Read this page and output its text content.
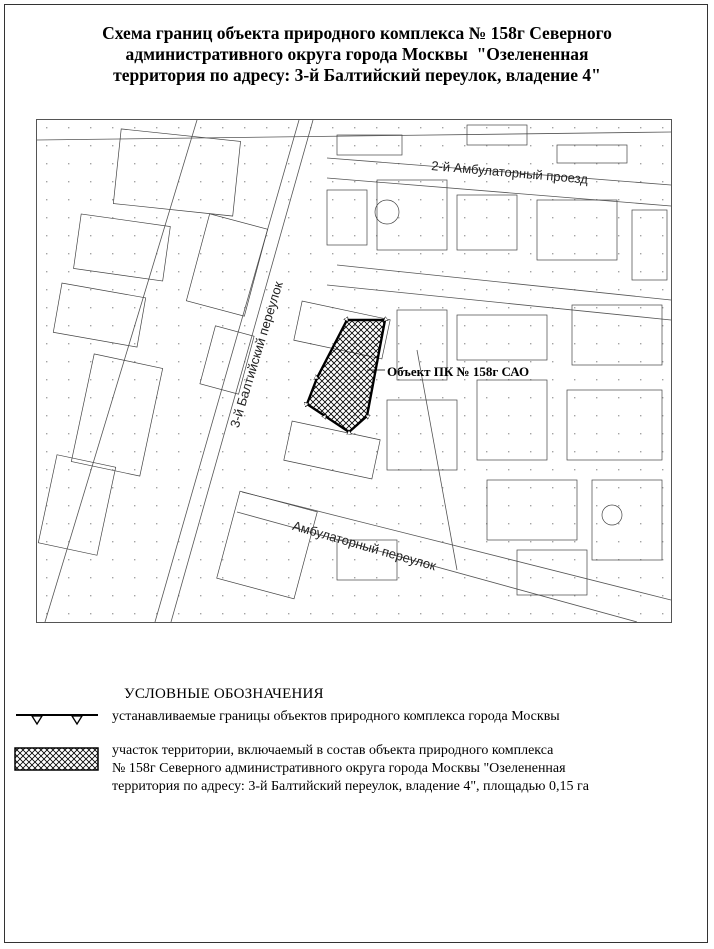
Схема границ объекта природного комплекса № 158г Северного
административного округа города Москвы  "Озелененная
территория по адресу: 3-й Балтийский переулок, владение 4"
2-й Амбулаторный проезд
3-й Балтийский переулок
Амбулаторный переулок
Объект ПК № 158г САО
УСЛОВНЫЕ ОБОЗНАЧЕНИЯ
устанавливаемые границы объектов природного комплекса города Москвы
участок территории, включаемый в состав объекта природного комплекса
№ 158г Северного административного округа города Москвы "Озелененная
территория по адресу: 3-й Балтийский переулок, владение 4", площадью 0,15 га
